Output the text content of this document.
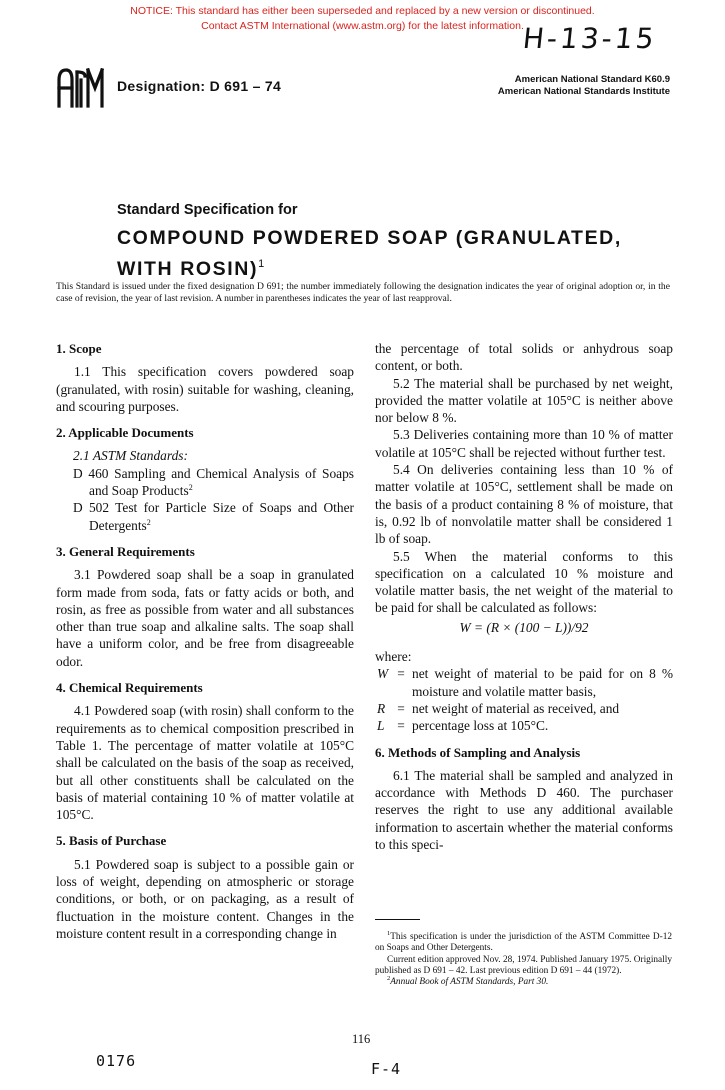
NOTICE: This standard has either been superseded and replaced by a new version or discontinued.
Contact ASTM International (www.astm.org) for the latest information.
H-13-15
Designation: D 691 – 74	American National Standard K60.9
American National Standards Institute
Standard Specification for
COMPOUND POWDERED SOAP (GRANULATED, WITH ROSIN)$^1$
This Standard is issued under the fixed designation D 691; the number immediately following the designation indicates the year of original adoption or, in the case of revision, the year of last revision. A number in parentheses indicates the year of last reapproval.
1. Scope

1.1 This specification covers powdered soap (granulated, with rosin) suitable for washing, cleaning, and scouring purposes.

2. Applicable Documents

2.1 ASTM Standards:

D 460 Sampling and Chemical Analysis of Soaps and Soap Products$^2$

D 502 Test for Particle Size of Soaps and Other Detergents$^2$

3. General Requirements

3.1 Powdered soap shall be a soap in granulated form made from soda, fats or fatty acids or both, and rosin, as free as possible from water and all substances other than true soap and alkaline salts. The soap shall have a uniform color, and be free from disagreeable odor.

4. Chemical Requirements

4.1 Powdered soap (with rosin) shall conform to the requirements as to chemical composition prescribed in Table 1. The percentage of matter volatile at 105°C shall be calculated on the basis of the soap as received, but all other constituents shall be calculated on the basis of material containing 10 % of matter volatile at 105°C.

5. Basis of Purchase

5.1 Powdered soap is subject to a possible gain or loss of weight, depending on atmospheric or storage conditions, or both, or on packaging, as a result of fluctuation in the moisture content. Changes in the moisture content result in a corresponding change in

the percentage of total solids or anhydrous soap content, or both.

5.2 The material shall be purchased by net weight, provided the matter volatile at 105°C is neither above nor below 8 %.

5.3 Deliveries containing more than 10 % of matter volatile at 105°C shall be rejected without further test.

5.4 On deliveries containing less than 10 % of matter volatile at 105°C, settlement shall be made on the basis of a product containing 8 % of moisture, that is, 0.92 lb of nonvolatile matter shall be considered 1 lb of soap.

5.5 When the material conforms to this specification on a calculated 10 % moisture and volatile matter basis, the net weight of the material to be paid for shall be calculated as follows:

W = (R × (100 − L))/92

where:

W = net weight of material to be paid for on 8 % moisture and volatile matter basis,
R = net weight of material as received, and
L = percentage loss at 105°C.
6. Methods of Sampling and Analysis

6.1 The material shall be sampled and analyzed in accordance with Methods D 460. The purchaser reserves the right to use any additional available information to ascertain whether the material conforms to this speci-

$^1$This specification is under the jurisdiction of the ASTM Committee D-12 on Soaps and Other Detergents.

Current edition approved Nov. 28, 1974. Published January 1975. Originally published as D 691 – 42. Last previous edition D 691 – 44 (1972).

$^2$Annual Book of ASTM Standards, Part 30.

116
0176	F-4
